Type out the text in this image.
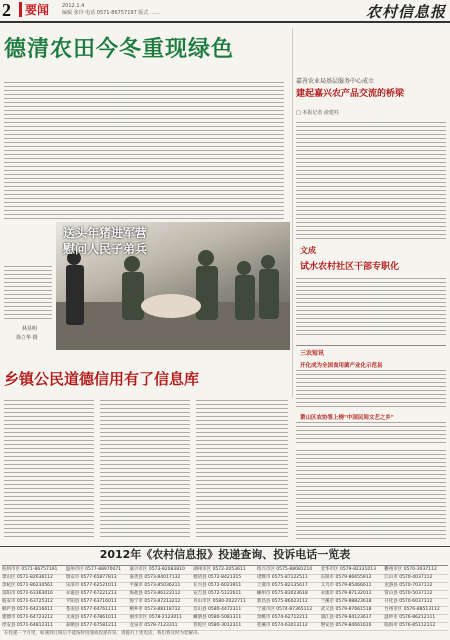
2	要闻	2012.1.4
编辑 张玲 电话 0571-86757197 版式 ……	农村信息报
德清农田今冬重现绿色
嘉善农业局基层服务中心成立
建起嘉兴农产品交流的桥梁
□ 本报记者 俞建柱
文成
试水农村社区干部专职化
三农短讯
开化成为全国食用菌产业化示范县
萧山区农协签上榜"中国民间文艺之乡"
送头年猪进军营
慰问人民子弟兵
林显明
徐立华 摄
乡镇公民道德信用有了信息库
2012年《农村信息报》投递查询、投诉电话一览表
杭州市区 0571-86757191	温州市区 0577-88970071	嘉兴市区 0573-82083810	湖州市区 0572-2053611	绍兴市区 0575-88081210	金华市区 0579-82331013	衢州市区 0570-3037112
萧山区 0571-82636112	瑞安市 0577-65877813	嘉善县 0573-84017132	德清县 0572-8421315	诸暨市 0575-87122511	东阳市 0579-86655912	江山市 0570-4037112
余杭区 0571-86234561	乐清市 0577-62521011	平湖市 0573-85036211	长兴县 0572-6023911	上虞市 0575-82135617	义乌市 0579-85466611	龙游县 0570-7037112
富阳市 0571-63363016	永嘉县 0577-67221213	海盐县 0573-86123112	安吉县 0572-5122611	嵊州市 0575-83023618	永康市 0579-87132011	常山县 0570-5037112
临安市 0571-63725312	平阳县 0577-63716011	海宁市 0573-87213212	舟山市区 0580-2022711	新昌县 0575-86023112	兰溪市 0579-88823618	开化县 0570-6037112
桐庐县 0571-64216611	苍南县 0577-64761111	桐乡市 0573-88118712	岱山县 0580-4472311	宁波市区 0574-87365112	武义县 0579-87661518	台州市区 0576-88513112
建德市 0571-64723212	文成县 0577-67861011	丽水市区 0578-2123011	嵊泗县 0580-5081311	余姚市 0574-62712211	浦江县 0579-84123617	温岭市 0576-86212111
淳安县 0571-64812311	泰顺县 0577-67581211	龙泉市 0578-7123311	普陀区 0580-3012311	慈溪市 0574-63013112	磐安县 0579-84661616	临海市 0576-85112112
在投递一个月里，如遇到订阅后不能按时投递或投递有误，请拨打上述电话，我们将及时为您解决。
